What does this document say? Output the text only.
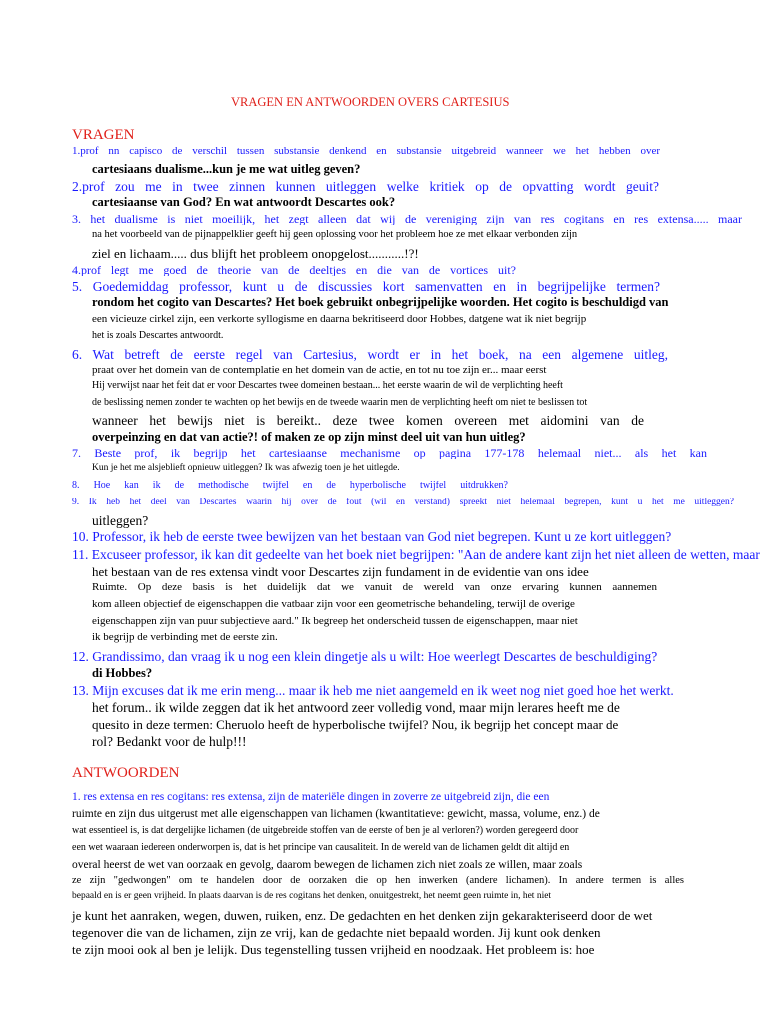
VRAGEN EN ANTWOORDEN OVERS CARTESIUS
VRAGEN
1.prof nn capisco de verschil tussen substansie denkend en substansie uitgebreid wanneer we het hebben over
cartesiaans dualisme...kun je me wat uitleg geven?
2.prof zou me in twee zinnen kunnen uitleggen welke kritiek op de opvatting wordt geuit?
cartesiaanse van God? En wat antwoordt Descartes ook?
3. het dualisme is niet moeilijk, het zegt alleen dat wij de vereniging zijn van res cogitans en res extensa..... maar
na het voorbeeld van de pijnappelklier geeft hij geen oplossing voor het probleem hoe ze met elkaar verbonden zijn
ziel en lichaam..... dus blijft het probleem onopgelost...........!?!
4.prof legt me goed de theorie van de deeltjes en die van de vortices uit?
5. Goedemiddag professor, kunt u de discussies kort samenvatten en in begrijpelijke termen?
rondom het cogito van Descartes? Het boek gebruikt onbegrijpelijke woorden. Het cogito is beschuldigd van
een vicieuze cirkel zijn, een verkorte syllogisme en daarna bekritiseerd door Hobbes, datgene wat ik niet begrijp
het is zoals Descartes antwoordt.
6. Wat betreft de eerste regel van Cartesius, wordt er in het boek, na een algemene uitleg,
praat over het domein van de contemplatie en het domein van de actie, en tot nu toe zijn er... maar eerst
Hij verwijst naar het feit dat er voor Descartes twee domeinen bestaan... het eerste waarin de wil de verplichting heeft
de beslissing nemen zonder te wachten op het bewijs en de tweede waarin men de verplichting heeft om niet te beslissen tot
wanneer het bewijs niet is bereikt.. deze twee komen overeen met aidomini van de
overpeinzing en dat van actie?! of maken ze op zijn minst deel uit van hun uitleg?
7. Beste prof, ik begrijp het cartesiaanse mechanisme op pagina 177-178 helemaal niet... als het kan
Kun je het me alsjeblieft opnieuw uitleggen? Ik was afwezig toen je het uitlegde.
8. Hoe kan ik de methodische twijfel en de hyperbolische twijfel uitdrukken?
9. Ik heb het deel van Descartes waarin hij over de fout (wil en verstand) spreekt niet helemaal begrepen, kunt u het me uitleggen?
uitleggen?
10. Professor, ik heb de eerste twee bewijzen van het bestaan van God niet begrepen. Kunt u ze kort uitleggen?
11. Excuseer professor, ik kan dit gedeelte van het boek niet begrijpen: "Aan de andere kant zijn het niet alleen de wetten, maar
het bestaan van de res extensa vindt voor Descartes zijn fundament in de evidentie van ons idee
Ruimte. Op deze basis is het duidelijk dat we vanuit de wereld van onze ervaring kunnen aannemen
kom alleen objectief de eigenschappen die vatbaar zijn voor een geometrische behandeling, terwijl de overige
eigenschappen zijn van puur subjectieve aard." Ik begreep het onderscheid tussen de eigenschappen, maar niet
ik begrijp de verbinding met de eerste zin.
12. Grandissimo, dan vraag ik u nog een klein dingetje als u wilt: Hoe weerlegt Descartes de beschuldiging?
di Hobbes?
13. Mijn excuses dat ik me erin meng... maar ik heb me niet aangemeld en ik weet nog niet goed hoe het werkt.
het forum.. ik wilde zeggen dat ik het antwoord zeer volledig vond, maar mijn lerares heeft me de
quesito in deze termen: Cheruolo heeft de hyperbolische twijfel? Nou, ik begrijp het concept maar de
rol? Bedankt voor de hulp!!!
ANTWOORDEN
1. res extensa en res cogitans: res extensa, zijn de materiële dingen in zoverre ze uitgebreid zijn, die een
ruimte en zijn dus uitgerust met alle eigenschappen van lichamen (kwantitatieve: gewicht, massa, volume, enz.) de
wat essentieel is, is dat dergelijke lichamen (de uitgebreide stoffen van de eerste of ben je al verloren?) worden geregeerd door
een wet waaraan iedereen onderworpen is, dat is het principe van causaliteit. In de wereld van de lichamen geldt dit altijd en
overal heerst de wet van oorzaak en gevolg, daarom bewegen de lichamen zich niet zoals ze willen, maar zoals
ze zijn "gedwongen" om te handelen door de oorzaken die op hen inwerken (andere lichamen). In andere termen is alles
bepaald en is er geen vrijheid. In plaats daarvan is de res cogitans het denken, onuitgestrekt, het neemt geen ruimte in, het niet
je kunt het aanraken, wegen, duwen, ruiken, enz. De gedachten en het denken zijn gekarakteriseerd door de wet
tegenover die van de lichamen, zijn ze vrij, kan de gedachte niet bepaald worden. Jij kunt ook denken
te zijn mooi ook al ben je lelijk. Dus tegenstelling tussen vrijheid en noodzaak. Het probleem is: hoe
